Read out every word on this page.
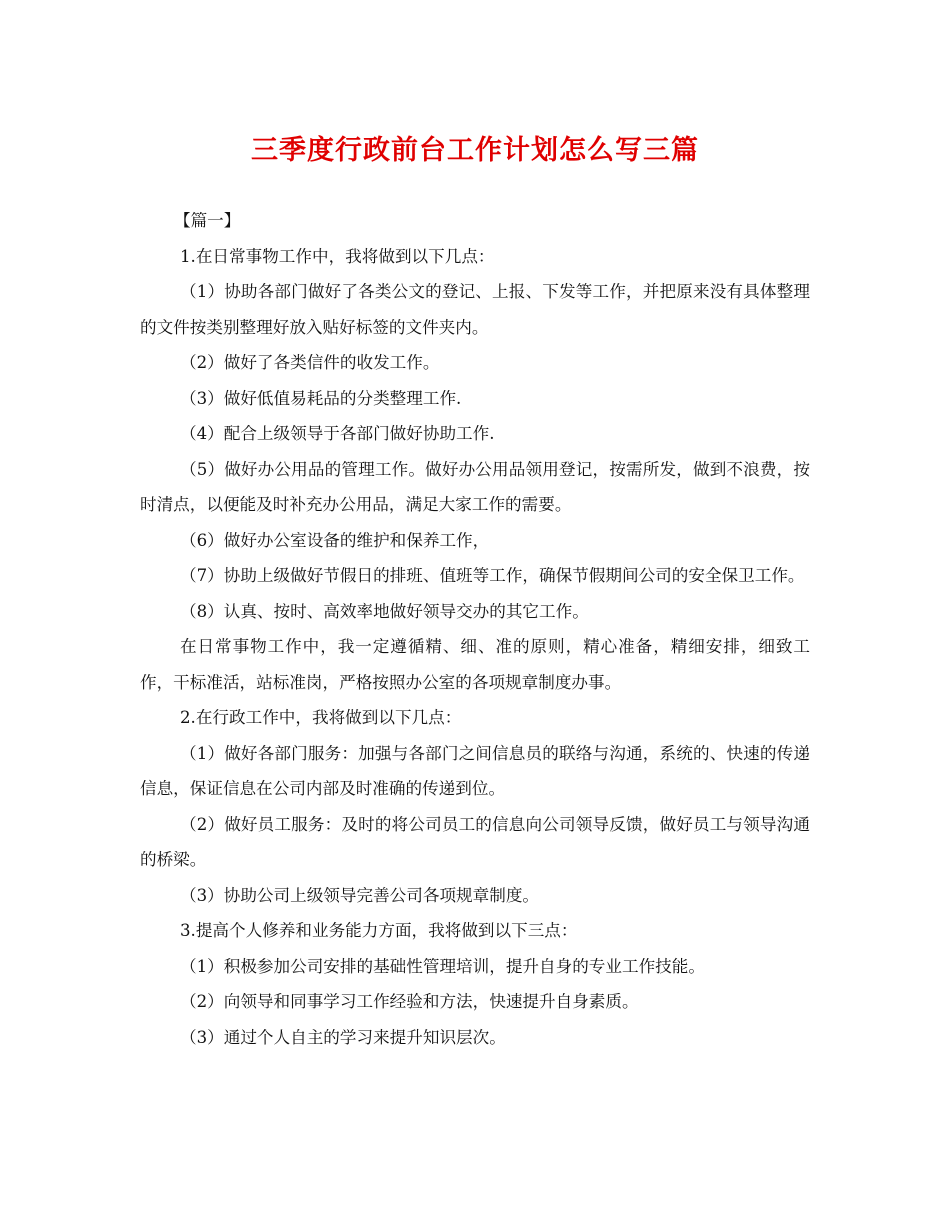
三季度行政前台工作计划怎么写三篇

【篇一】

1.在日常事物工作中，我将做到以下几点：

（1）协助各部门做好了各类公文的登记、上报、下发等工作，并把原来没有具体整理的文件按类别整理好放入贴好标签的文件夹内。

（2）做好了各类信件的收发工作。

（3）做好低值易耗品的分类整理工作.

（4）配合上级领导于各部门做好协助工作.

（5）做好办公用品的管理工作。做好办公用品领用登记，按需所发，做到不浪费，按时清点，以便能及时补充办公用品，满足大家工作的需要。

（6）做好办公室设备的维护和保养工作，

（7）协助上级做好节假日的排班、值班等工作，确保节假期间公司的安全保卫工作。

（8）认真、按时、高效率地做好领导交办的其它工作。

在日常事物工作中，我一定遵循精、细、准的原则，精心准备，精细安排，细致工作，干标准活，站标准岗，严格按照办公室的各项规章制度办事。

2.在行政工作中，我将做到以下几点：

（1）做好各部门服务：加强与各部门之间信息员的联络与沟通，系统的、快速的传递信息，保证信息在公司内部及时准确的传递到位。

（2）做好员工服务：及时的将公司员工的信息向公司领导反馈，做好员工与领导沟通的桥梁。

（3）协助公司上级领导完善公司各项规章制度。

3.提高个人修养和业务能力方面，我将做到以下三点：

（1）积极参加公司安排的基础性管理培训，提升自身的专业工作技能。

（2）向领导和同事学习工作经验和方法，快速提升自身素质。

（3）通过个人自主的学习来提升知识层次。
